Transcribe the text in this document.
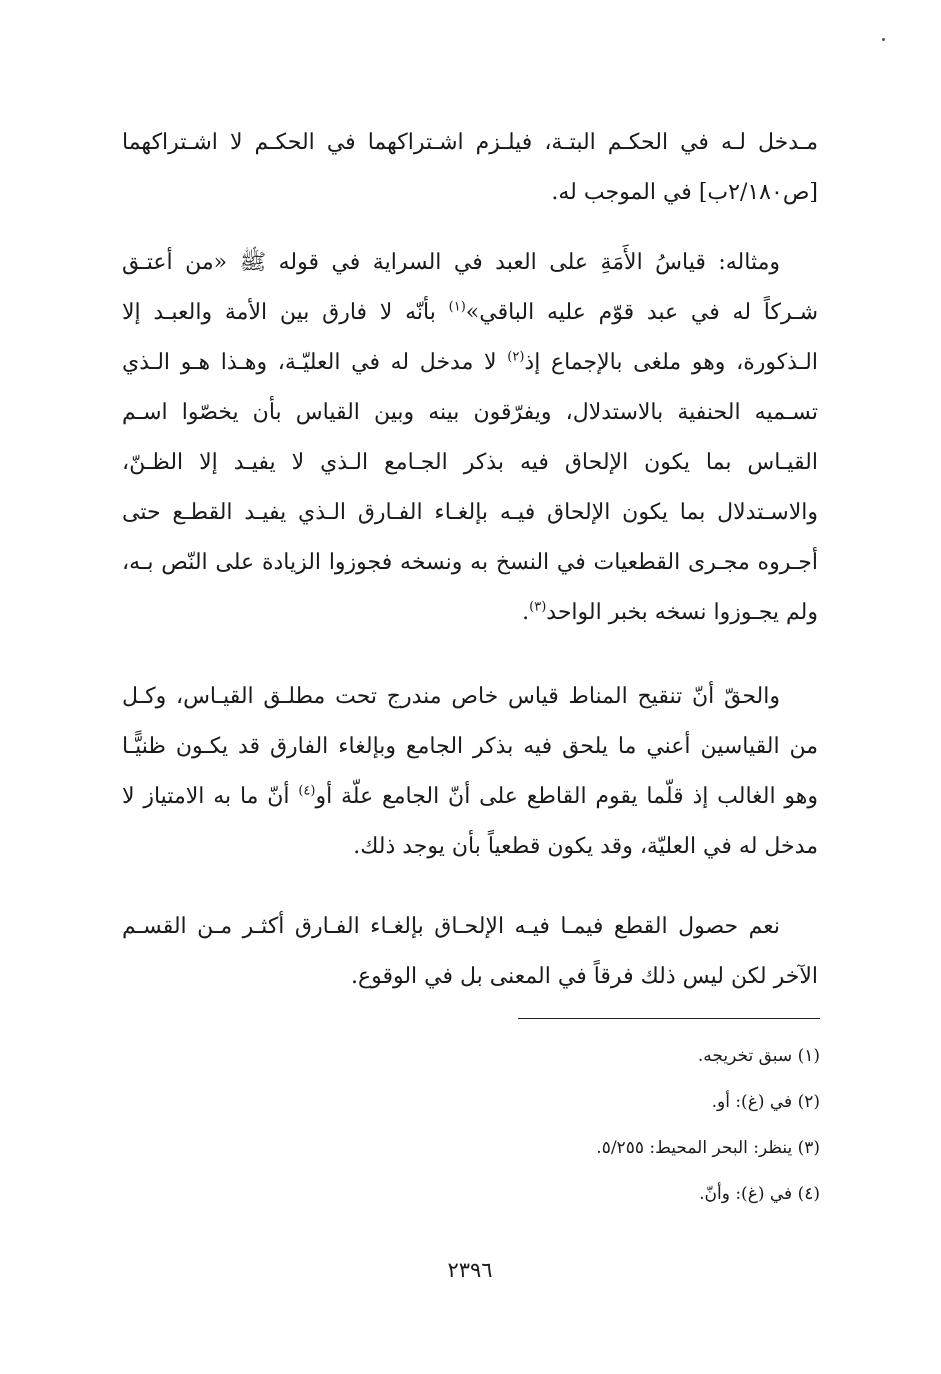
مـدخل لـه في الحكـم البتـة، فيلـزم اشـتراكهما في الحكـم لا اشـتراكهما [ص٢/١٨٠ب] في الموجب له.

ومثاله: قياسُ الأَمَةِ على العبد في السراية في قوله ﷺ «من أعتـق شـركاً له في عبد قوّم عليه الباقي»$^{(١)}$ بأنّه لا فارق بين الأمة والعبـد إلا الـذكورة، وهو ملغى بالإجماع إذ$^{(٢)}$ لا مدخل له في العليّـة، وهـذا هـو الـذي تسـميه الحنفية بالاستدلال، ويفرّقون بينه وبين القياس بأن يخصّوا اسـم القيـاس بما يكون الإلحاق فيه بذكر الجـامع الـذي لا يفيـد إلا الظـنّ، والاسـتدلال بما يكون الإلحاق فيـه بإلغـاء الفـارق الـذي يفيـد القطـع حتى أجـروه مجـرى القطعيات في النسخ به ونسخه فجوزوا الزيادة على النّص بـه، ولم يجـوزوا نسخه بخبر الواحد$^{(٣)}$.

والحقّ أنّ تنقيح المناط قياس خاص مندرج تحت مطلـق القيـاس، وكـل من القياسين أعني ما يلحق فيه بذكر الجامع وبإلغاء الفارق قد يكـون ظنيًّـا وهو الغالب إذ قلّما يقوم القاطع على أنّ الجامع علّة أو$^{(٤)}$ أنّ ما به الامتياز لا مدخل له في العليّة، وقد يكون قطعياً بأن يوجد ذلك.

نعم حصول القطع فيمـا فيـه الإلحـاق بإلغـاء الفـارق أكثـر مـن القسـم الآخر لكن ليس ذلك فرقاً في المعنى بل في الوقوع.

(١) سبق تخريجه.

(٢) في (غ): أو.

(٣) ينظر: البحر المحيط: ٥/٢٥٥.

(٤) في (غ): وأنّ.

٢٣٩٦
